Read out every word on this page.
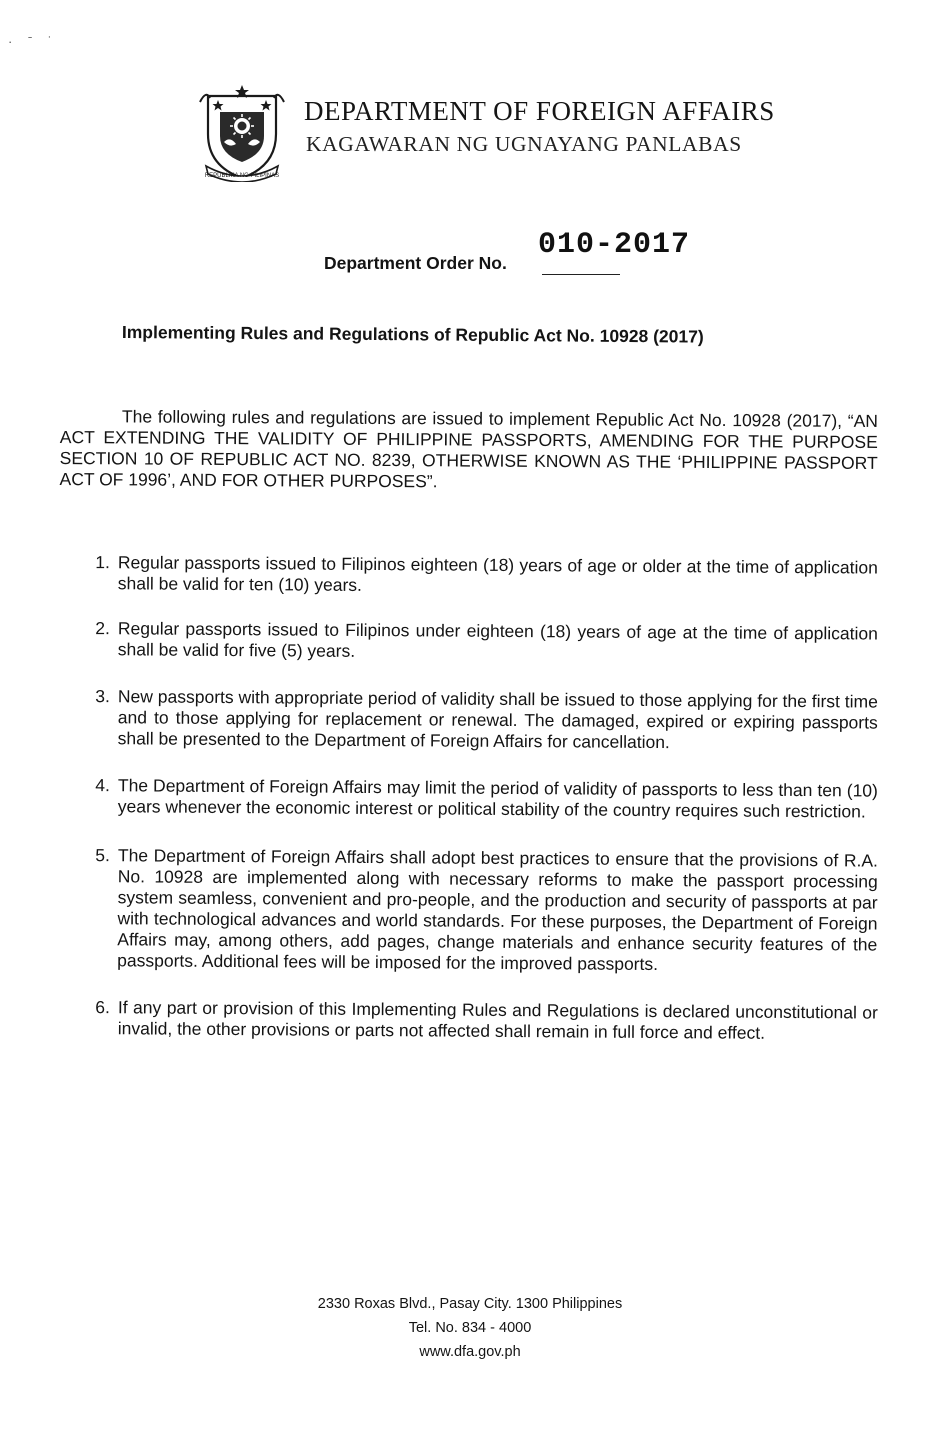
· ˉ ˙
REPUBLIKA NG PILIPINAS
DEPARTMENT OF FOREIGN AFFAIRS
KAGAWARAN NG UGNAYANG PANLABAS
Department Order No.
010-2017
Implementing Rules and Regulations of Republic Act No. 10928 (2017)

The following rules and regulations are issued to implement Republic Act No. 10928 (2017), “AN ACT EXTENDING THE VALIDITY OF PHILIPPINE PASSPORTS, AMENDING FOR THE PURPOSE SECTION 10 OF REPUBLIC ACT NO. 8239, OTHERWISE KNOWN AS THE ‘PHILIPPINE PASSPORT ACT OF 1996’, AND FOR OTHER PURPOSES”.

1. Regular passports issued to Filipinos eighteen (18) years of age or older at the time of application shall be valid for ten (10) years.
2. Regular passports issued to Filipinos under eighteen (18) years of age at the time of application shall be valid for five (5) years.
3. New passports with appropriate period of validity shall be issued to those applying for the first time and to those applying for replacement or renewal. The damaged, expired or expiring passports shall be presented to the Department of Foreign Affairs for cancellation.
4. The Department of Foreign Affairs may limit the period of validity of passports to less than ten (10) years whenever the economic interest or political stability of the country requires such restriction.
5. The Department of Foreign Affairs shall adopt best practices to ensure that the provisions of R.A. No. 10928 are implemented along with necessary reforms to make the passport processing system seamless, convenient and pro-people, and the production and security of passports at par with technological advances and world standards. For these purposes, the Department of Foreign Affairs may, among others, add pages, change materials and enhance security features of the passports. Additional fees will be imposed for the improved passports.
6. If any part or provision of this Implementing Rules and Regulations is declared unconstitutional or invalid, the other provisions or parts not affected shall remain in full force and effect.
2330 Roxas Blvd., Pasay City. 1300 Philippines
Tel. No. 834 - 4000
www.dfa.gov.ph
